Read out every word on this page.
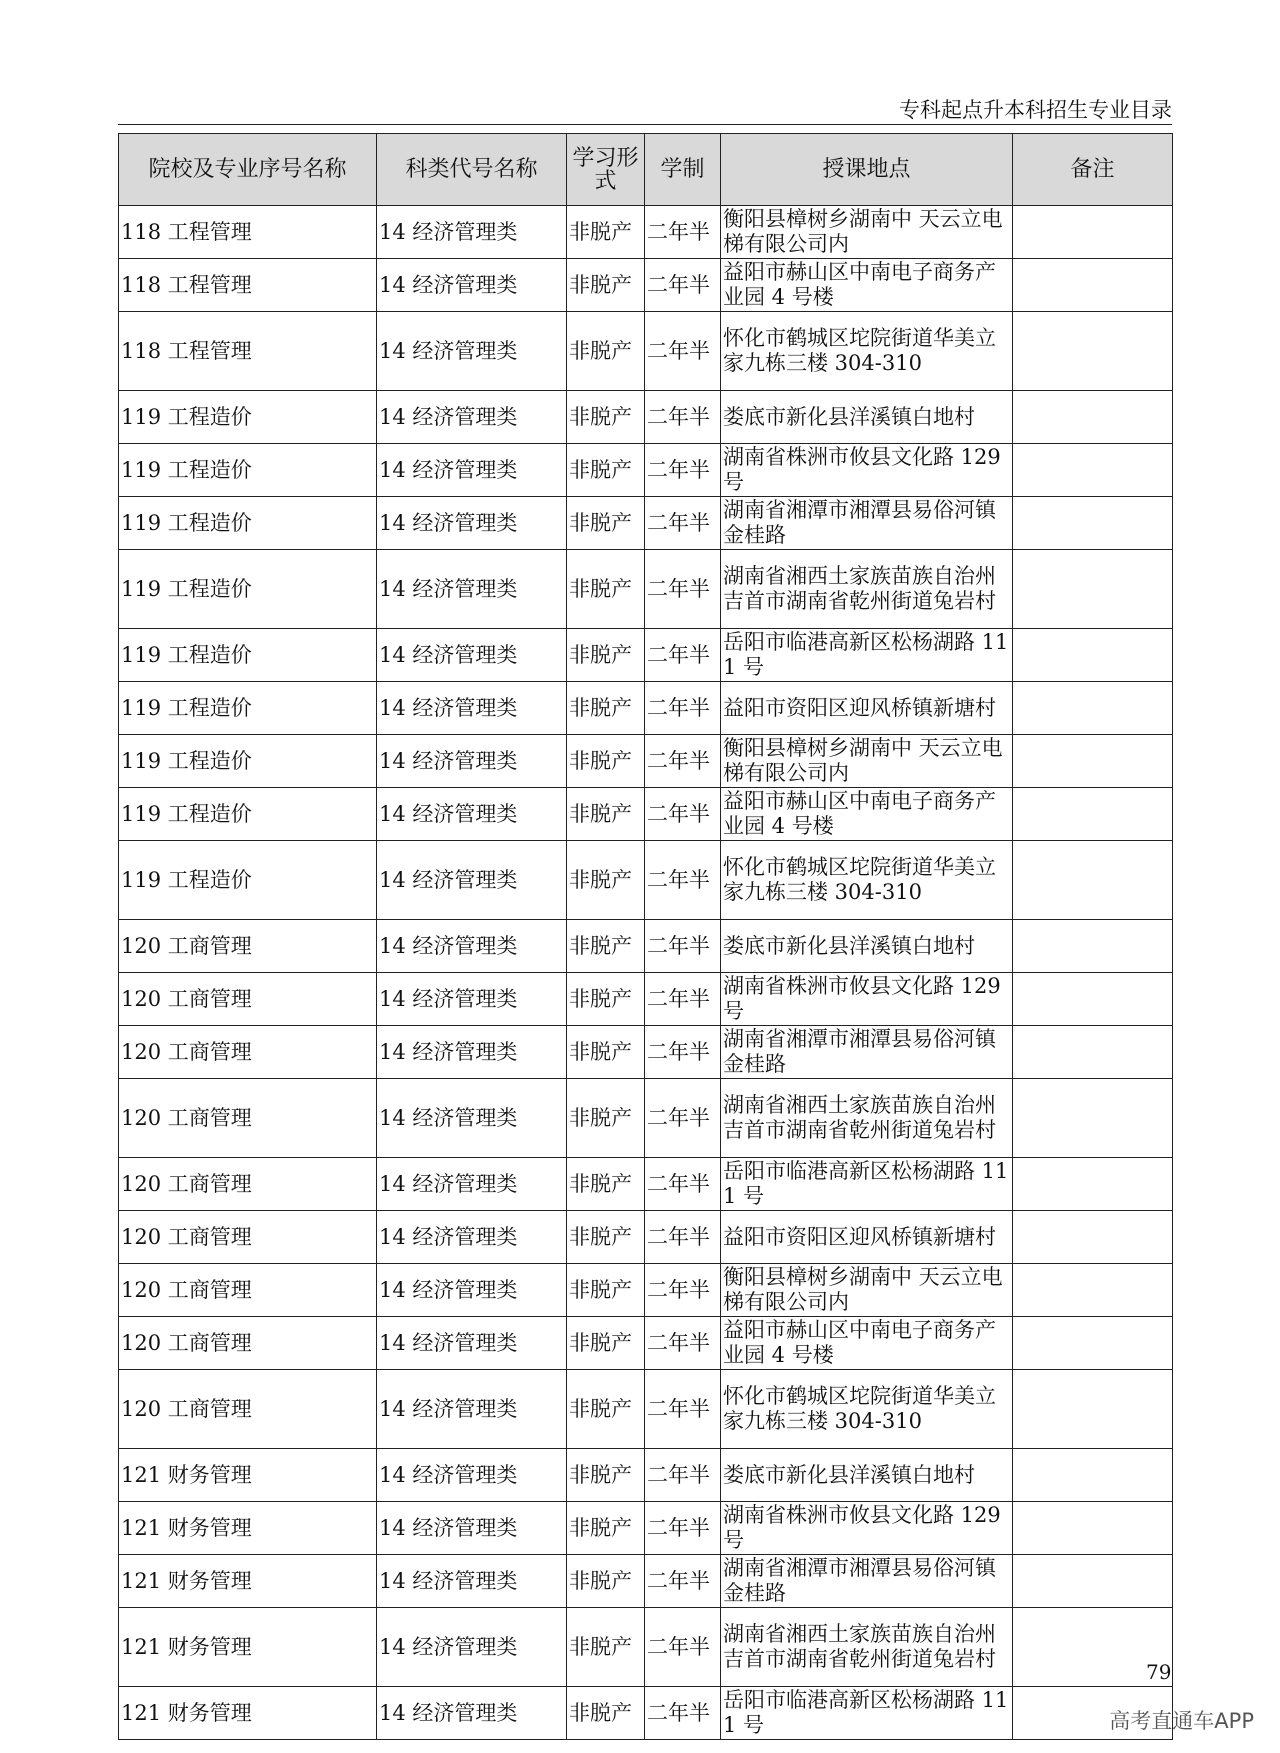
专科起点升本科招生专业目录
院校及专业序号名称	科类代号名称	学习形式	学制	授课地点	备注
118 工程管理	14 经济管理类	非脱产	二年半	衡阳县樟树乡湖南中 天云立电梯有限公司内	
118 工程管理	14 经济管理类	非脱产	二年半	益阳市赫山区中南电子商务产业园 4 号楼	
118 工程管理	14 经济管理类	非脱产	二年半	怀化市鹤城区坨院街道华美立家九栋三楼 304-310	
119 工程造价	14 经济管理类	非脱产	二年半	娄底市新化县洋溪镇白地村	
119 工程造价	14 经济管理类	非脱产	二年半	湖南省株洲市攸县文化路 129 号	
119 工程造价	14 经济管理类	非脱产	二年半	湖南省湘潭市湘潭县易俗河镇金桂路	
119 工程造价	14 经济管理类	非脱产	二年半	湖南省湘西土家族苗族自治州吉首市湖南省乾州街道兔岩村	
119 工程造价	14 经济管理类	非脱产	二年半	岳阳市临港高新区松杨湖路 111 号	
119 工程造价	14 经济管理类	非脱产	二年半	益阳市资阳区迎风桥镇新塘村	
119 工程造价	14 经济管理类	非脱产	二年半	衡阳县樟树乡湖南中 天云立电梯有限公司内	
119 工程造价	14 经济管理类	非脱产	二年半	益阳市赫山区中南电子商务产业园 4 号楼	
119 工程造价	14 经济管理类	非脱产	二年半	怀化市鹤城区坨院街道华美立家九栋三楼 304-310	
120 工商管理	14 经济管理类	非脱产	二年半	娄底市新化县洋溪镇白地村	
120 工商管理	14 经济管理类	非脱产	二年半	湖南省株洲市攸县文化路 129 号	
120 工商管理	14 经济管理类	非脱产	二年半	湖南省湘潭市湘潭县易俗河镇金桂路	
120 工商管理	14 经济管理类	非脱产	二年半	湖南省湘西土家族苗族自治州吉首市湖南省乾州街道兔岩村	
120 工商管理	14 经济管理类	非脱产	二年半	岳阳市临港高新区松杨湖路 111 号	
120 工商管理	14 经济管理类	非脱产	二年半	益阳市资阳区迎风桥镇新塘村	
120 工商管理	14 经济管理类	非脱产	二年半	衡阳县樟树乡湖南中 天云立电梯有限公司内	
120 工商管理	14 经济管理类	非脱产	二年半	益阳市赫山区中南电子商务产业园 4 号楼	
120 工商管理	14 经济管理类	非脱产	二年半	怀化市鹤城区坨院街道华美立家九栋三楼 304-310	
121 财务管理	14 经济管理类	非脱产	二年半	娄底市新化县洋溪镇白地村	
121 财务管理	14 经济管理类	非脱产	二年半	湖南省株洲市攸县文化路 129 号	
121 财务管理	14 经济管理类	非脱产	二年半	湖南省湘潭市湘潭县易俗河镇金桂路	
121 财务管理	14 经济管理类	非脱产	二年半	湖南省湘西土家族苗族自治州吉首市湖南省乾州街道兔岩村	
121 财务管理	14 经济管理类	非脱产	二年半	岳阳市临港高新区松杨湖路 111 号	
79
高考直通车APP
